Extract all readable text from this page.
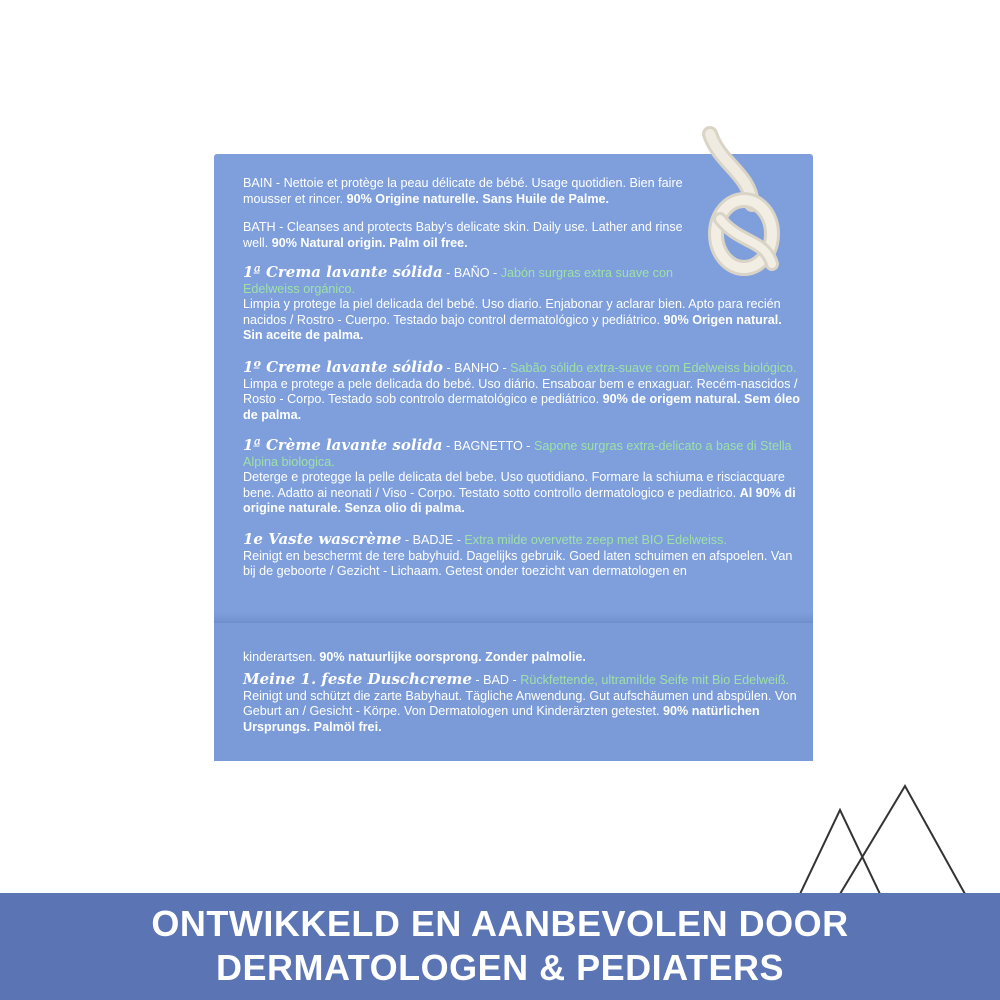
BAIN - Nettoie et protège la peau délicate de bébé. Usage quotidien. Bien faire mousser et rincer. 90% Origine naturelle. Sans Huile de Palme.

BATH - Cleanses and protects Baby's delicate skin. Daily use. Lather and rinse well. 90% Natural origin. Palm oil free.

1ª Crema lavante sólida - BAÑO - Jabón surgras extra suave con Edelweiss orgánico.

Limpia y protege la piel delicada del bebé. Uso diario. Enjabonar y aclarar bien. Apto para recién nacidos / Rostro - Cuerpo. Testado bajo control dermatológico y pediátrico. 90% Origen natural. Sin aceite de palma.

1º Creme lavante sólido - BANHO - Sabão sólido extra-suave com Edelweiss biológico.

Limpa e protege a pele delicada do bebé. Uso diário. Ensaboar bem e enxaguar. Recém-nascidos / Rosto - Corpo. Testado sob controlo dermatológico e pediátrico. 90% de origem natural. Sem óleo de palma.

1ª Crème lavante solida - BAGNETTO - Sapone surgras extra-delicato a base di Stella Alpina biologica.

Deterge e protegge la pelle delicata del bebe. Uso quotidiano. Formare la schiuma e risciacquare bene. Adatto ai neonati / Viso - Corpo. Testato sotto controllo dermatologico e pediatrico. Al 90% di origine naturale. Senza olio di palma.

1e Vaste wascrème - BADJE - Extra milde overvette zeep met BIO Edelweiss.

Reinigt en beschermt de tere babyhuid. Dagelijks gebruik. Goed laten schuimen en afspoelen. Van bij de geboorte / Gezicht - Lichaam. Getest onder toezicht van dermatologen en

kinderartsen. 90% natuurlijke oorsprong. Zonder palmolie.

Meine 1. feste Duschcreme - BAD - Rückfettende, ultramilde Seife mit Bio Edelweiß.

Reinigt und schützt die zarte Babyhaut. Tägliche Anwendung. Gut aufschäumen und abspülen. Von Geburt an / Gesicht - Körpe. Von Dermatologen und Kinderärzten getestet. 90% natürlichen Ursprungs. Palmöl frei.

ONTWIKKELD EN AANBEVOLEN DOOR
DERMATOLOGEN & PEDIATERS
